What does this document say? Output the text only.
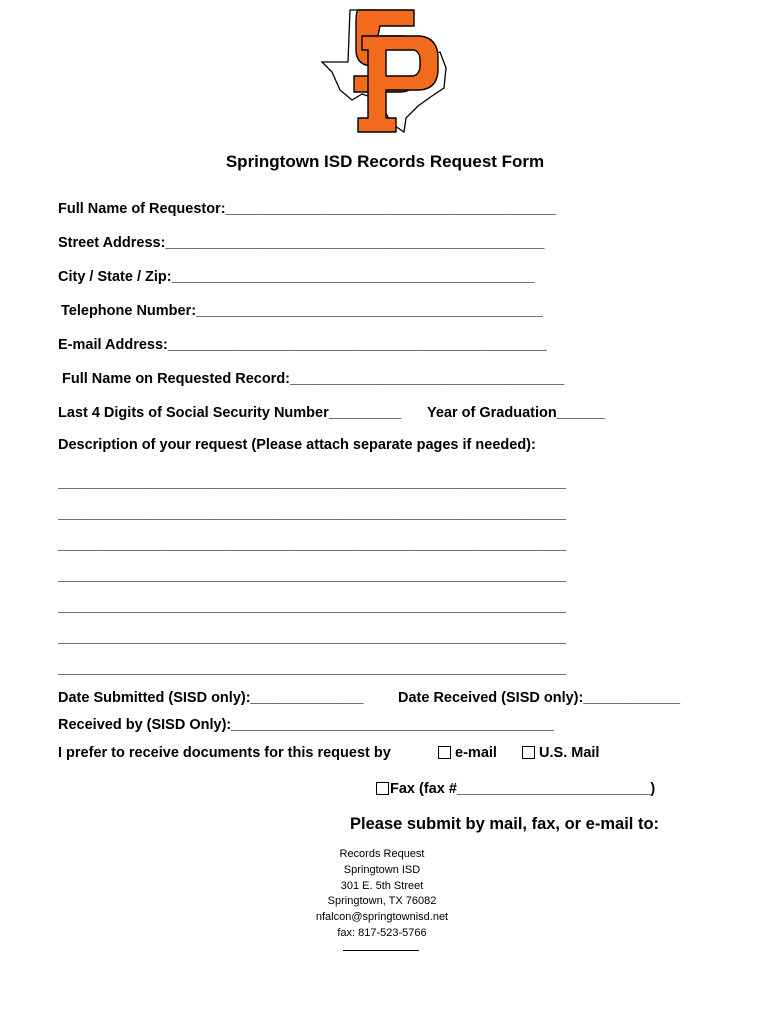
Springtown ISD Records Request Form
Full Name of Requestor:_________________________________________
Street Address:_______________________________________________
City / State / Zip:_____________________________________________
Telephone Number:___________________________________________
E-mail Address:_______________________________________________
Full Name on Requested Record:__________________________________
Last 4 Digits of Social Security Number_________ Year of Graduation______
Description of your request (Please attach separate pages if needed):
_______________________________________________________________
_______________________________________________________________
_______________________________________________________________
_______________________________________________________________
_______________________________________________________________
_______________________________________________________________
_______________________________________________________________
Date Submitted (SISD only):______________ Date Received (SISD only):____________
Received by (SISD Only):________________________________________
I prefer to receive documents for this request by	e-mail	U.S. Mail
Fax (fax #________________________)
Please submit by mail, fax, or e-mail to:
Records Request
Springtown ISD
301 E. 5th Street
Springtown, TX 76082
nfalcon@springtownisd.net
fax: 817-523-5766
